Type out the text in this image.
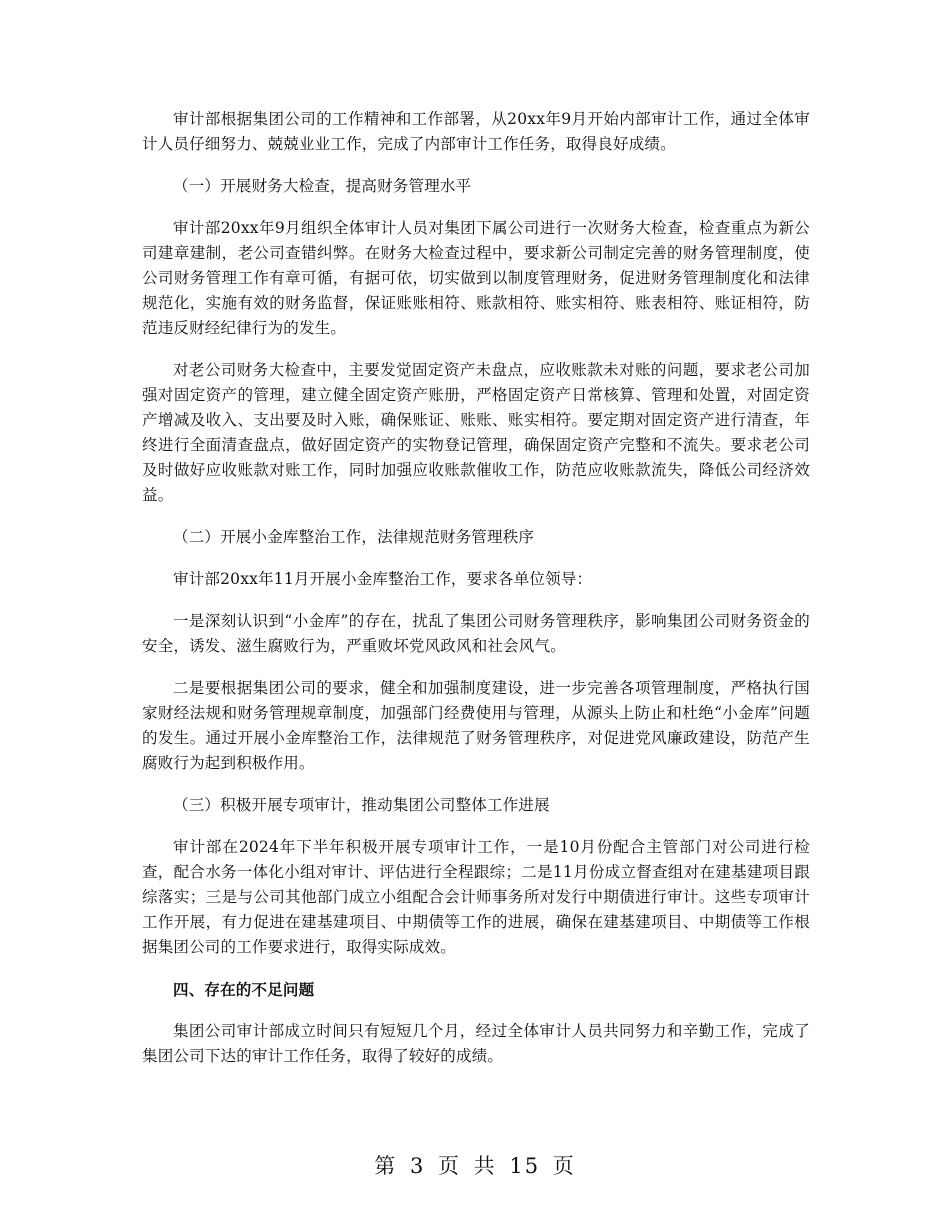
审计部根据集团公司的工作精神和工作部署，从20xx年9月开始内部审计工作，通过全体审计人员仔细努力、兢兢业业工作，完成了内部审计工作任务，取得良好成绩。

（一）开展财务大检查，提高财务管理水平

审计部20xx年9月组织全体审计人员对集团下属公司进行一次财务大检查，检查重点为新公司建章建制，老公司查错纠弊。在财务大检查过程中，要求新公司制定完善的财务管理制度，使公司财务管理工作有章可循，有据可依，切实做到以制度管理财务，促进财务管理制度化和法律规范化，实施有效的财务监督，保证账账相符、账款相符、账实相符、账表相符、账证相符，防范违反财经纪律行为的发生。

对老公司财务大检查中，主要发觉固定资产未盘点，应收账款未对账的问题，要求老公司加强对固定资产的管理，建立健全固定资产账册，严格固定资产日常核算、管理和处置，对固定资产增减及收入、支出要及时入账，确保账证、账账、账实相符。要定期对固定资产进行清查，年终进行全面清查盘点，做好固定资产的实物登记管理，确保固定资产完整和不流失。要求老公司及时做好应收账款对账工作，同时加强应收账款催收工作，防范应收账款流失，降低公司经济效益。

（二）开展小金库整治工作，法律规范财务管理秩序

审计部20xx年11月开展小金库整治工作，要求各单位领导：

一是深刻认识到“小金库”的存在，扰乱了集团公司财务管理秩序，影响集团公司财务资金的安全，诱发、滋生腐败行为，严重败坏党风政风和社会风气。

二是要根据集团公司的要求，健全和加强制度建设，进一步完善各项管理制度，严格执行国家财经法规和财务管理规章制度，加强部门经费使用与管理，从源头上防止和杜绝“小金库”问题的发生。通过开展小金库整治工作，法律规范了财务管理秩序，对促进党风廉政建设，防范产生腐败行为起到积极作用。

（三）积极开展专项审计，推动集团公司整体工作进展

审计部在2024年下半年积极开展专项审计工作，一是10月份配合主管部门对公司进行检查，配合水务一体化小组对审计、评估进行全程跟综；二是11月份成立督查组对在建基建项目跟综落实；三是与公司其他部门成立小组配合会计师事务所对发行中期债进行审计。这些专项审计工作开展，有力促进在建基建项目、中期债等工作的进展，确保在建基建项目、中期债等工作根据集团公司的工作要求进行，取得实际成效。

四、存在的不足问题

集团公司审计部成立时间只有短短几个月，经过全体审计人员共同努力和辛勤工作，完成了集团公司下达的审计工作任务，取得了较好的成绩。

第 3 页 共 15 页
